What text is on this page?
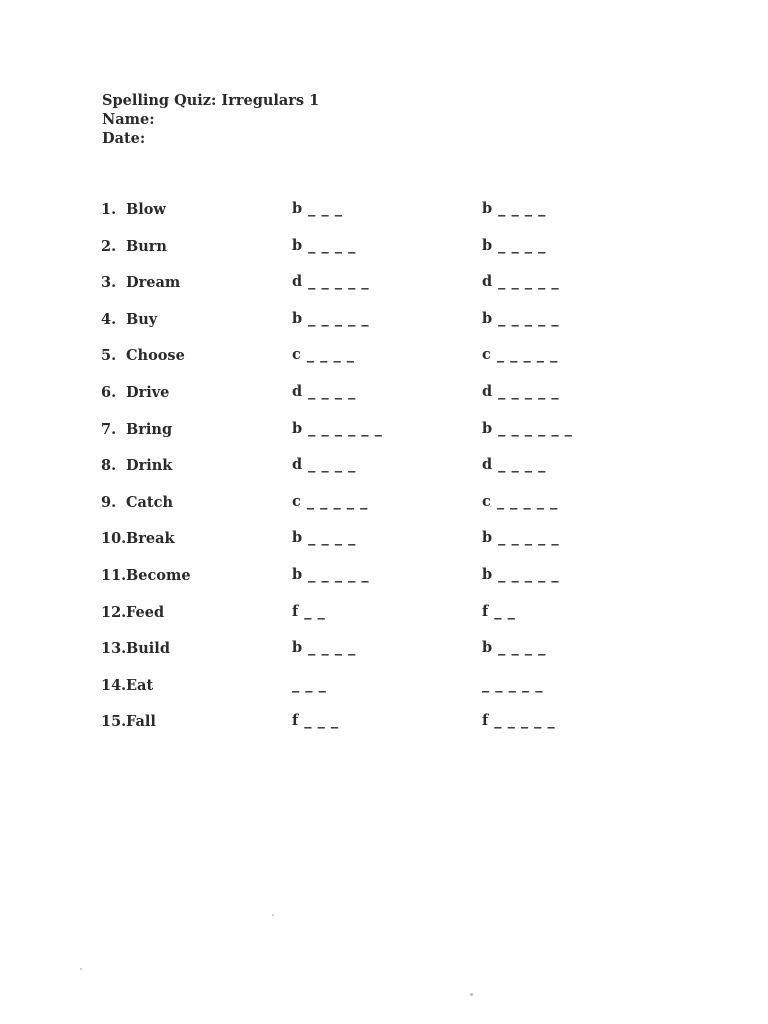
Spelling Quiz: Irregulars 1
Name:
Date:
1. Blow	b _ _ _	b _ _ _ _
2. Burn	b _ _ _ _	b _ _ _ _
3. Dream	d _ _ _ _ _	d _ _ _ _ _
4. Buy	b _ _ _ _ _	b _ _ _ _ _
5. Choose	c _ _ _ _	c _ _ _ _ _
6. Drive	d _ _ _ _	d _ _ _ _ _
7. Bring	b _ _ _ _ _ _	b _ _ _ _ _ _
8. Drink	d _ _ _ _	d _ _ _ _
9. Catch	c _ _ _ _ _	c _ _ _ _ _
10. Break	b _ _ _ _	b _ _ _ _ _
11. Become	b _ _ _ _ _	b _ _ _ _ _
12. Feed	f _ _	f _ _
13. Build	b _ _ _ _	b _ _ _ _
14. Eat	_ _ _	_ _ _ _ _
15. Fall	f _ _ _	f _ _ _ _ _
